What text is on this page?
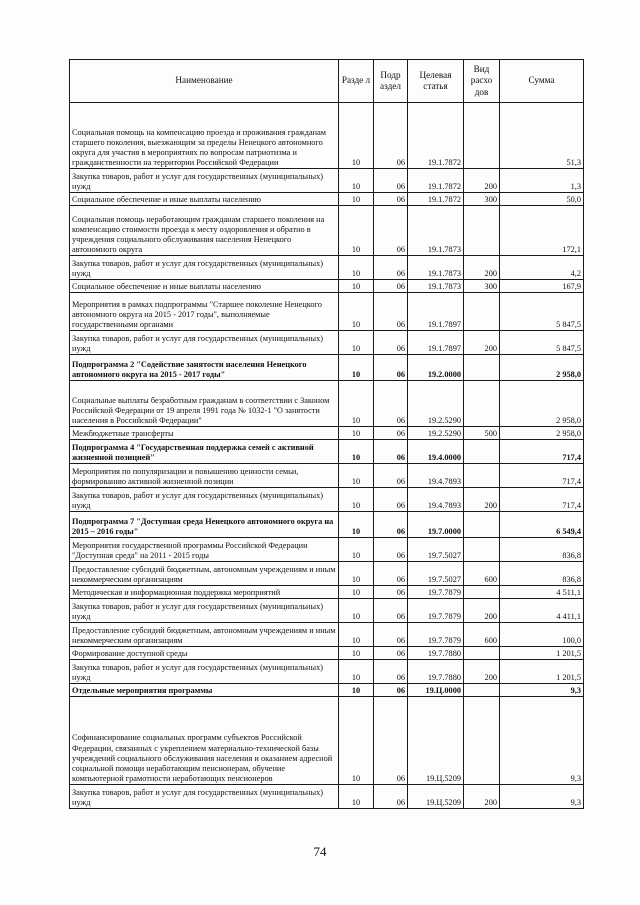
Наименование	Разде л	Подр аздел	Целевая статья	Вид расхо дов	Сумма
Социальная помощь на компенсацию проезда и проживания гражданам старшего поколения, выезжающим за пределы Ненецкого автономного округа для участия в мероприятиях по вопросам патриотизма и гражданственности на территории Российской Федерации	10	06	19.1.7872		51,3
Закупка товаров, работ и услуг для государственных (муниципальных) нужд	10	06	19.1.7872	200	1,3
Социальное обеспечение и иные выплаты населению	10	06	19.1.7872	300	50,0
Социальная помощь неработающим гражданам старшего поколения на компенсацию стоимости проезда к месту оздоровления и обратно в учреждения социального обслуживания населения Ненецкого автономного округа	10	06	19.1.7873		172,1
Закупка товаров, работ и услуг для государственных (муниципальных) нужд	10	06	19.1.7873	200	4,2
Социальное обеспечение и иные выплаты населению	10	06	19.1.7873	300	167,9
Мероприятия в рамках подпрограммы "Старшее поколение Ненецкого автономного округа на 2015 - 2017 годы", выполняемые государственными органами	10	06	19.1.7897		5 847,5
Закупка товаров, работ и услуг для государственных (муниципальных) нужд	10	06	19.1.7897	200	5 847,5
Подпрограмма 2 "Содействие занятости населения Ненецкого автономного округа на 2015 - 2017 годы"	10	06	19.2.0000		2 958,0
Социальные выплаты безработным гражданам в соответствии с Законом Российской Федерации от 19 апреля 1991 года № 1032-1 "О занятости населения в Российской Федерации"	10	06	19.2.5290		2 958,0
Межбюджетные трансферты	10	06	19.2.5290	500	2 958,0
Подпрограмма 4 "Государственная поддержка семей с активной жизненной позицией"	10	06	19.4.0000		717,4
Мероприятия по популяризации и повышению ценности семьи, формированию активной жизненной позиции	10	06	19.4.7893		717,4
Закупка товаров, работ и услуг для государственных (муниципальных) нужд	10	06	19.4.7893	200	717,4
Подпрограмма 7 "Доступная среда Ненецкого автономного округа на 2015 – 2016 годы"	10	06	19.7.0000		6 549,4
Мероприятия государственной программы Российской Федерации "Доступная среда" на 2011 - 2015 годы	10	06	19.7.5027		836,8
Предоставление субсидий бюджетным, автономным учреждениям и иным некоммерческим организациям	10	06	19.7.5027	600	836,8
Методическая и информационная поддержка мероприятий	10	06	19.7.7879		4 511,1
Закупка товаров, работ и услуг для государственных (муниципальных) нужд	10	06	19.7.7879	200	4 411,1
Предоставление субсидий бюджетным, автономным учреждениям и иным некоммерческим организациям	10	06	19.7.7879	600	100,0
Формирование доступной среды	10	06	19.7.7880		1 201,5
Закупка товаров, работ и услуг для государственных (муниципальных) нужд	10	06	19.7.7880	200	1 201,5
Отдельные мероприятия программы	10	06	19.Ц.0000		9,3
Софинансирование социальных программ субъектов Российской Федерации, связанных с укреплением материально-технической базы учреждений социального обслуживания населения и оказанием адресной социальной помощи неработающим пенсионерам, обучение компьютерной грамотности неработающих пенсионеров	10	06	19.Ц.5209		9,3
Закупка товаров, работ и услуг для государственных (муниципальных) нужд	10	06	19.Ц.5209	200	9,3
74
